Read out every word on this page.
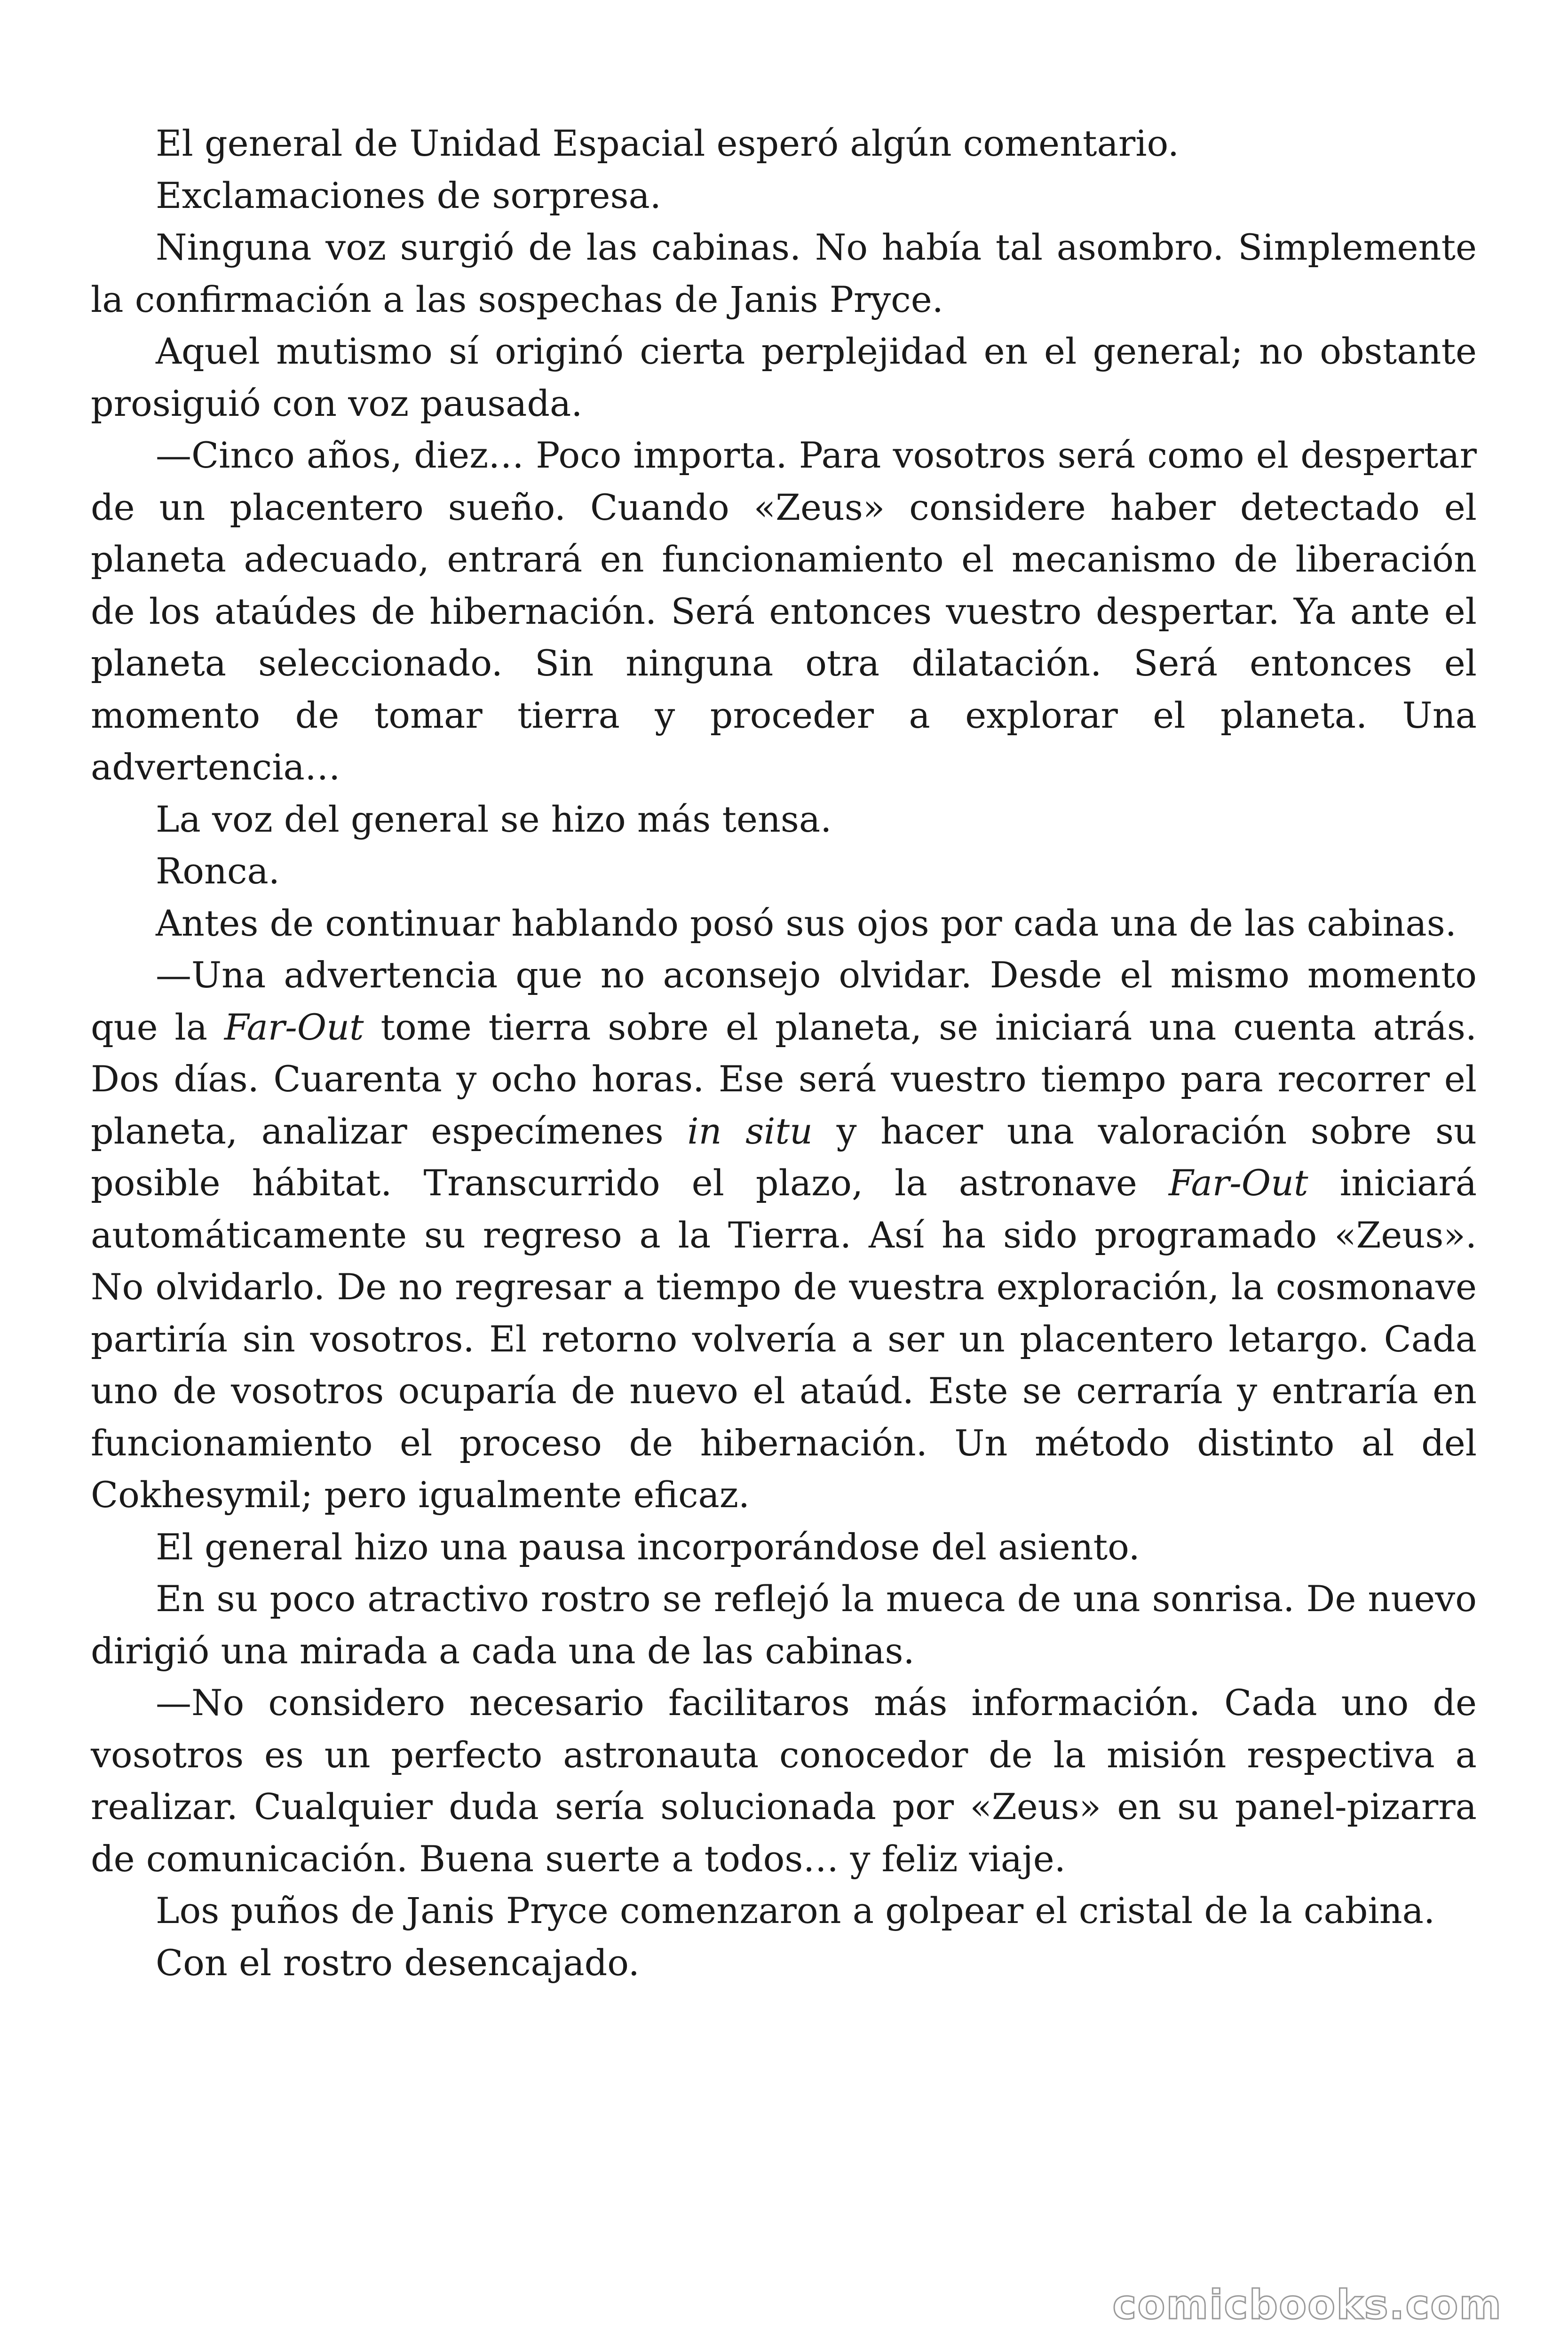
El general de Unidad Espacial esperó algún comentario.

Exclamaciones de sorpresa.

Ninguna voz surgió de las cabinas. No había tal asombro. Simplemente la confirmación a las sospechas de Janis Pryce.

Aquel mutismo sí originó cierta perplejidad en el general; no obstante prosiguió con voz pausada.

—Cinco años, diez… Poco importa. Para vosotros será como el despertar de un placentero sueño. Cuando «Zeus» considere haber detectado el planeta adecuado, entrará en funcionamiento el mecanismo de liberación de los ataúdes de hibernación. Será entonces vuestro despertar. Ya ante el planeta seleccionado. Sin ninguna otra dilatación. Será entonces el momento de tomar tierra y proceder a explorar el planeta. Una advertencia…

La voz del general se hizo más tensa.

Ronca.

Antes de continuar hablando posó sus ojos por cada una de las cabinas.

—Una advertencia que no aconsejo olvidar. Desde el mismo momento que la Far-Out tome tierra sobre el planeta, se iniciará una cuenta atrás. Dos días. Cuarenta y ocho horas. Ese será vuestro tiempo para recorrer el planeta, analizar especímenes in situ y hacer una valoración sobre su posible hábitat. Transcurrido el plazo, la astronave Far-Out iniciará automáticamente su regreso a la Tierra. Así ha sido programado «Zeus». No olvidarlo. De no regresar a tiempo de vuestra exploración, la cosmonave partiría sin vosotros. El retorno volvería a ser un placentero letargo. Cada uno de vosotros ocuparía de nuevo el ataúd. Este se cerraría y entraría en funcionamiento el proceso de hibernación. Un método distinto al del Cokhesymil; pero igualmente eficaz.

El general hizo una pausa incorporándose del asiento.

En su poco atractivo rostro se reflejó la mueca de una sonrisa. De nuevo dirigió una mirada a cada una de las cabinas.

—No considero necesario facilitaros más información. Cada uno de vosotros es un perfecto astronauta conocedor de la misión respectiva a realizar. Cualquier duda sería solucionada por «Zeus» en su panel-pizarra de comunicación. Buena suerte a todos… y feliz viaje.

Los puños de Janis Pryce comenzaron a golpear el cristal de la cabina.

Con el rostro desencajado.

comicbooks.com
